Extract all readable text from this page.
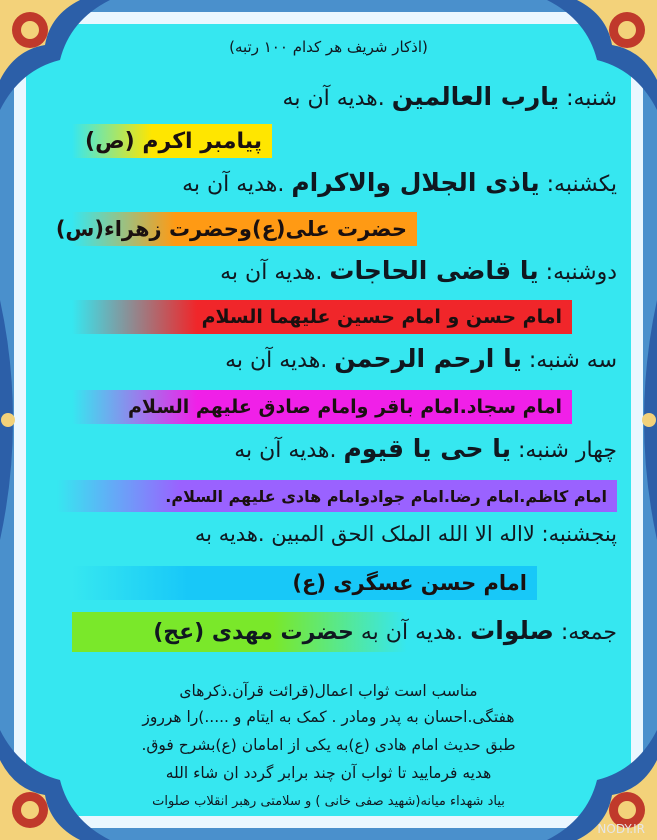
(اذکار شریف هر کدام ۱۰۰ رتبه)
شنبه: یارب العالمین .هدیه آن به
پیامبر اکرم (ص)
یکشنبه: یاذی الجلال والاکرام .هدیه آن به
حضرت علی(ع)وحضرت زهراء(س)
دوشنبه: یا قاضی الحاجات .هدیه آن به
امام حسن و امام حسین علیهما السلام
سه شنبه: یا ارحم الرحمن .هدیه آن به
امام سجاد.امام باقر وامام صادق علیهم السلام
چهار شنبه: یا حی یا قیوم .هدیه آن به
امام کاظم.امام رضا.امام جوادوامام هادی علیهم السلام.
پنجشنبه: لااله الا الله الملک الحق المبین .هدیه به
امام حسن عسگری (ع)
جمعه: صلوات .هدیه آن به حضرت مهدی (عج)
مناسب است ثواب اعمال(قرائت قرآن.ذکرهای
هفتگی.احسان به پدر ومادر . کمک به ایتام و .....)را هرروز
طبق حدیث امام هادی (ع)به یکی از امامان (ع)بشرح فوق.
هدیه فرمایید تا ثواب آن چند برابر گردد ان شاء الله
بیاد شهداء میانه(شهید صفی خانی ) و سلامتی رهبر انقلاب صلوات
NODY.IR
